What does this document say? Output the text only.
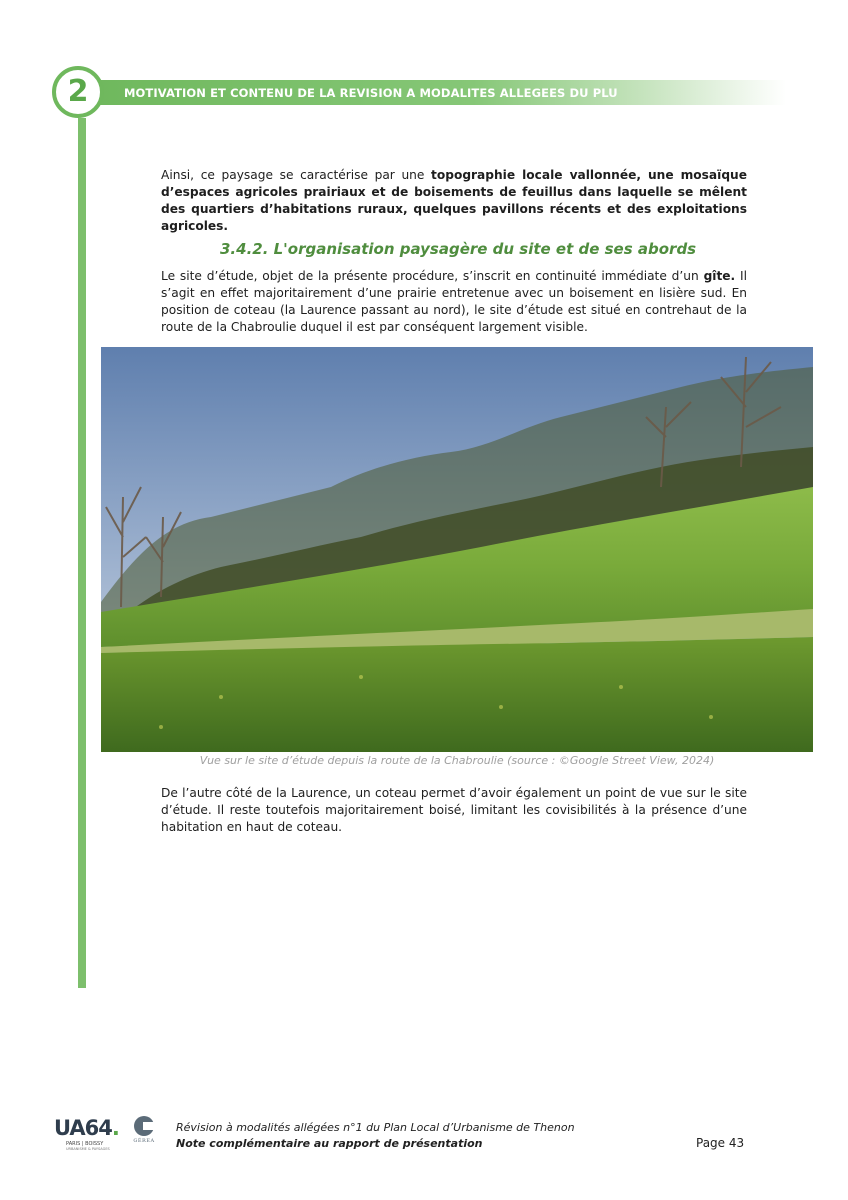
MOTIVATION ET CONTENU DE LA REVISION A MODALITES ALLEGEES DU PLU
2

Ainsi, ce paysage se caractérise par une topographie locale vallonnée, une mosaïque d’espaces agricoles prairiaux et de boisements de feuillus dans laquelle se mêlent des quartiers d’habitations ruraux, quelques pavillons récents et des exploitations agricoles.

3.4.2. L'organisation paysagère du site et de ses abords

Le site d’étude, objet de la présente procédure, s’inscrit en continuité immédiate d’un gîte. Il s’agit en effet majoritairement d’une prairie entretenue avec un boisement en lisière sud. En position de coteau (la Laurence passant au nord), le site d’étude est situé en contrehaut de la route de la Chabroulie duquel il est par conséquent largement visible.

Vue sur le site d’étude depuis la route de la Chabroulie (source : ©Google Street View, 2024)

De l’autre côté de la Laurence, un coteau permet d’avoir également un point de vue sur le site d’étude. Il reste toutefois majoritairement boisé, limitant les covisibilités à la présence d’une habitation en haut de coteau.

UA64.
PARIS | BOISSY
URBANISME & PAYSAGES
GÉREA
Révision à modalités allégées n°1 du Plan Local d’Urbanisme de Thenon
Note complémentaire au rapport de présentation	Page 43
